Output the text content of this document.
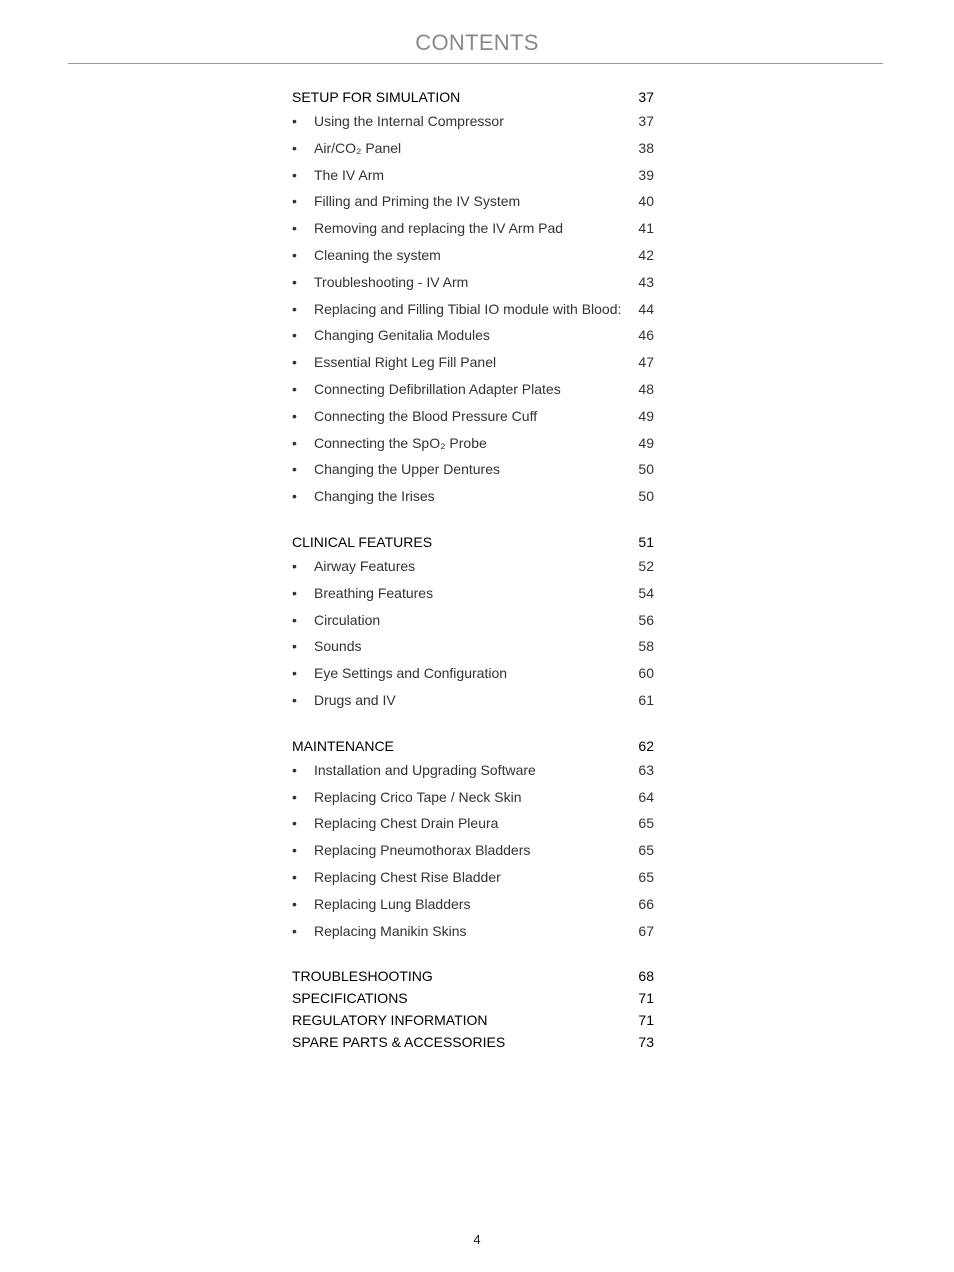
CONTENTS
SETUP FOR SIMULATION	37
•	Using the Internal Compressor	37
•	Air/CO₂ Panel	38
•	The IV Arm	39
•	Filling and Priming the IV System	40
•	Removing and replacing the IV Arm Pad	41
•	Cleaning the system	42
•	Troubleshooting - IV Arm	43
•	Replacing and Filling Tibial IO module with Blood:	44
•	Changing Genitalia Modules	46
•	Essential Right Leg Fill Panel	47
•	Connecting Defibrillation Adapter Plates	48
•	Connecting the Blood Pressure Cuff	49
•	Connecting the SpO₂ Probe	49
•	Changing the Upper Dentures	50
•	Changing the Irises	50
CLINICAL FEATURES	51
•	Airway Features	52
•	Breathing Features	54
•	Circulation	56
•	Sounds	58
•	Eye Settings and Configuration	60
•	Drugs and IV	61
MAINTENANCE	62
•	Installation and Upgrading Software	63
•	Replacing Crico Tape / Neck Skin	64
•	Replacing Chest Drain Pleura	65
•	Replacing Pneumothorax Bladders	65
•	Replacing Chest Rise Bladder	65
•	Replacing Lung Bladders	66
•	Replacing Manikin Skins	67
TROUBLESHOOTING	68
SPECIFICATIONS	71
REGULATORY INFORMATION	71
SPARE PARTS & ACCESSORIES	73
4
